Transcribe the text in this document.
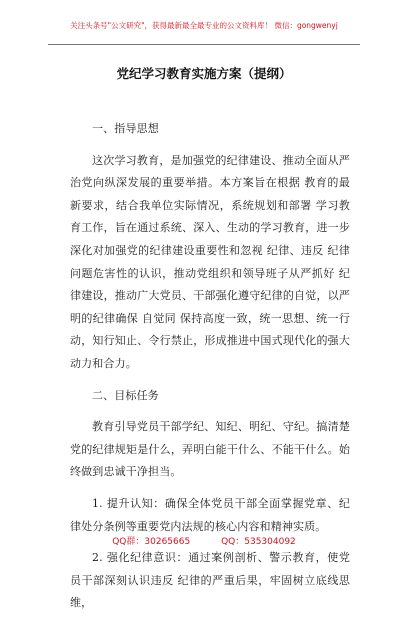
关注头条号"公文研究"，获得最新最全最专业的公文资料库！ 微信：gongwenyj
党纪学习教育实施方案（提纲）
一、指导思想

这次学习教育，是加强党的纪律建设、推动全面从严治党向纵深发展的重要举措。本方案旨在根据 教育的最新要求，结合我单位实际情况，系统规划和部署 学习教育工作，旨在通过系统、深入、生动的学习教育，进一步深化对加强党的纪律建设重要性和忽视 纪律、违反 纪律 问题危害性的认识，推动党组织和领导班子从严抓好 纪律建设，推动广大党员、干部强化遵守纪律的自觉，以严明的纪律确保 自觉同 保持高度一致，统一思想、统一行动，知行知止、令行禁止，形成推进中国式现代化的强大动力和合力。

二、目标任务

教育引导党员干部学纪、知纪、明纪、守纪。搞清楚党的纪律规矩是什么，弄明白能干什么、不能干什么。始终做到忠诚干净担当。

1. 提升认知：确保全体党员干部全面掌握党章、纪律处分条例等重要党内法规的核心内容和精神实质。

2. 强化纪律意识：通过案例剖析、警示教育，使党员干部深刻认识违反 纪律的严重后果，牢固树立底线思维，

QQ群：30265665	QQ：535304092
